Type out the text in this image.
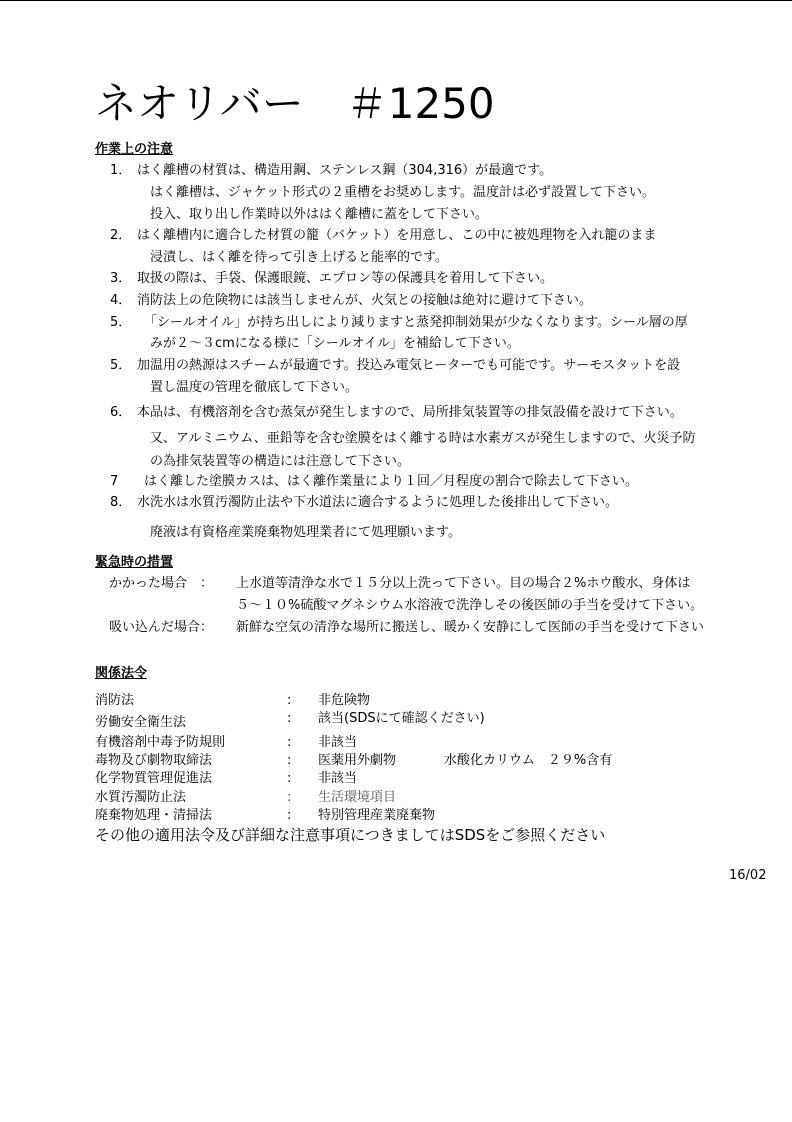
ネオリバー　＃1250
作業上の注意
1． はく離槽の材質は、構造用鋼、ステンレス鋼（304,316）が最適です。
はく離槽は、ジャケット形式の２重槽をお奨めします。温度計は必ず設置して下さい。
投入、取り出し作業時以外ははく離槽に蓋をして下さい。
2． はく離槽内に適合した材質の籠（バケット）を用意し、この中に被処理物を入れ籠のまま
浸漬し、はく離を待って引き上げると能率的です。
3． 取扱の際は、手袋、保護眼鏡、エプロン等の保護具を着用して下さい。
4． 消防法上の危険物には該当しませんが、火気との接触は絶対に避けて下さい。
5． 「シールオイル」が持ち出しにより減りますと蒸発抑制効果が少なくなります。シール層の厚
みが２～３cmになる様に「シールオイル」を補給して下さい。
5． 加温用の熱源はスチームが最適です。投込み電気ヒーターでも可能です。サーモスタットを設
置し温度の管理を徹底して下さい。
6． 本品は、有機溶剤を含む蒸気が発生しますので、局所排気装置等の排気設備を設けて下さい。
又、アルミニウム、亜鉛等を含む塗膜をはく離する時は水素ガスが発生しますので、火災予防
の為排気装置等の構造には注意して下さい。
7 はく離した塗膜カスは、はく離作業量により１回／月程度の割合で除去して下さい。
8． 水洗水は水質汚濁防止法や下水道法に適合するように処理した後排出して下さい。
廃液は有資格産業廃棄物処理業者にて処理願います。
緊急時の措置
かかった場合　： 上水道等清浄な水で１５分以上洗って下さい。目の場合２%ホウ酸水、身体は
５～１０%硫酸マグネシウム水溶液で洗浄しその後医師の手当を受けて下さい。
吸い込んだ場合： 新鮮な空気の清浄な場所に搬送し、暖かく安静にして医師の手当を受けて下さい
関係法令
消防法	: 非危険物
労働安全衛生法	: 該当(SDSにて確認ください)
有機溶剤中毒予防規則	: 非該当
毒物及び劇物取締法	: 医薬用外劇物	水酸化カリウム　２９%含有
化学物質管理促進法	: 非該当
水質汚濁防止法	: 生活環境項目
廃棄物処理・清掃法	: 特別管理産業廃棄物
その他の適用法令及び詳細な注意事項につきましてはSDSをご参照ください
16/02
